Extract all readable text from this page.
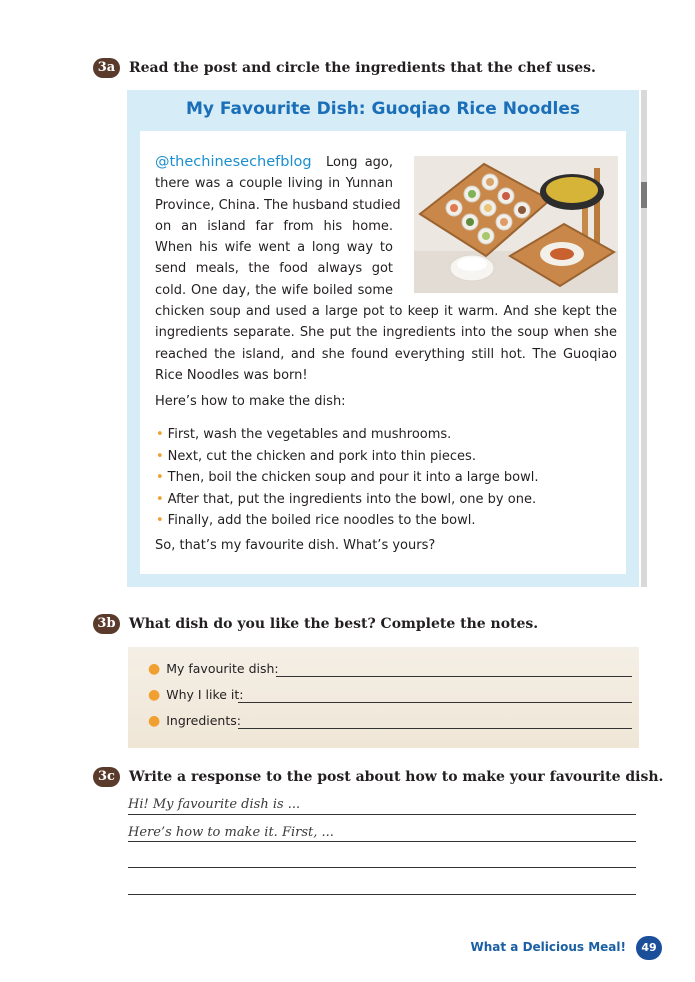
3a Read the post and circle the ingredients that the chef uses.
My Favourite Dish: Guoqiao Rice Noodles
@thechinesechefblog Long ago,
there was a couple living in Yunnan
Province, China. The husband studied
on an island far from his home.
When his wife went a long way to
send meals, the food always got
cold. One day, the wife boiled some
chicken soup and used a large pot to keep it warm. And she kept the
ingredients separate. She put the ingredients into the soup when she
reached the island, and she found everything still hot. The Guoqiao
Rice Noodles was born!
Here’s how to make the dish:
• First, wash the vegetables and mushrooms.
• Next, cut the chicken and pork into thin pieces.
• Then, boil the chicken soup and pour it into a large bowl.
• After that, put the ingredients into the bowl, one by one.
• Finally, add the boiled rice noodles to the bowl.
So, that’s my favourite dish. What’s yours?
3b What dish do you like the best? Complete the notes.
● My favourite dish:
● Why I like it:
● Ingredients:
3c	Write a response to the post about how to make your favourite dish.
Hi! My favourite dish is ...
Here’s how to make it. First, ...
What a Delicious Meal!	49
